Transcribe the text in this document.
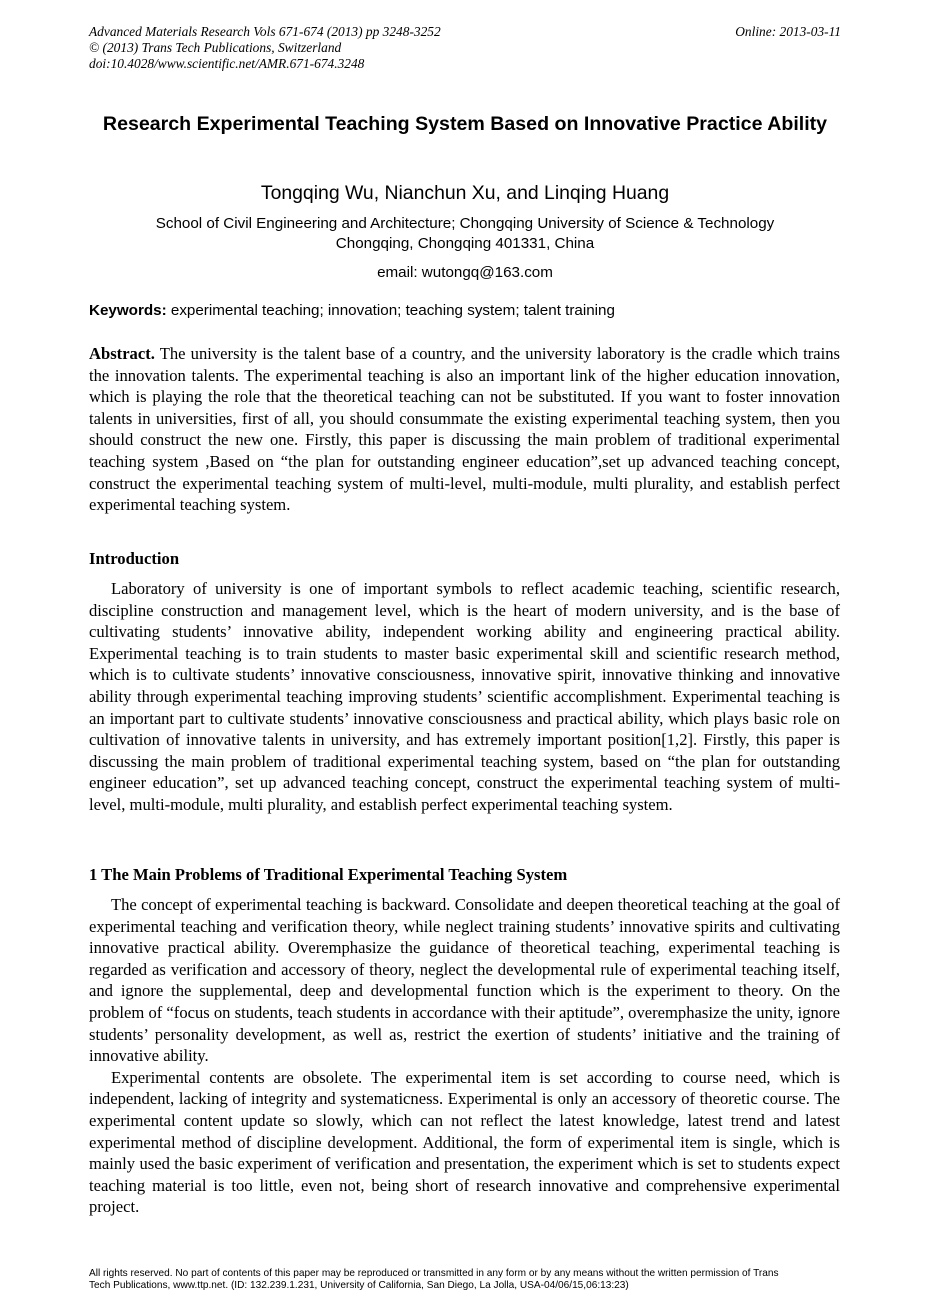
Advanced Materials Research Vols 671-674 (2013) pp 3248-3252	Online: 2013-03-11
© (2013) Trans Tech Publications, Switzerland
doi:10.4028/www.scientific.net/AMR.671-674.3248
Research Experimental Teaching System Based on Innovative Practice Ability
Tongqing Wu, Nianchun Xu, and Linqing Huang
School of Civil Engineering and Architecture; Chongqing University of Science & Technology
Chongqing, Chongqing 401331, China
email: wutongq@163.com
Keywords: experimental teaching; innovation; teaching system; talent training

Abstract. The university is the talent base of a country, and the university laboratory is the cradle which trains the innovation talents. The experimental teaching is also an important link of the higher education innovation, which is playing the role that the theoretical teaching can not be substituted. If you want to foster innovation talents in universities, first of all, you should consummate the existing experimental teaching system, then you should construct the new one. Firstly, this paper is discussing the main problem of traditional experimental teaching system ,Based on “the plan for outstanding engineer education”,set up advanced teaching concept, construct the experimental teaching system of multi-level, multi-module, multi plurality, and establish perfect experimental teaching system.

Introduction

Laboratory of university is one of important symbols to reflect academic teaching, scientific research, discipline construction and management level, which is the heart of modern university, and is the base of cultivating students’ innovative ability, independent working ability and engineering practical ability. Experimental teaching is to train students to master basic experimental skill and scientific research method, which is to cultivate students’ innovative consciousness, innovative spirit, innovative thinking and innovative ability through experimental teaching improving students’ scientific accomplishment. Experimental teaching is an important part to cultivate students’ innovative consciousness and practical ability, which plays basic role on cultivation of innovative talents in university, and has extremely important position[1,2]. Firstly, this paper is discussing the main problem of traditional experimental teaching system, based on “the plan for outstanding engineer education”, set up advanced teaching concept, construct the experimental teaching system of multi-level, multi-module, multi plurality, and establish perfect experimental teaching system.

1 The Main Problems of Traditional Experimental Teaching System

The concept of experimental teaching is backward. Consolidate and deepen theoretical teaching at the goal of experimental teaching and verification theory, while neglect training students’ innovative spirits and cultivating innovative practical ability. Overemphasize the guidance of theoretical teaching, experimental teaching is regarded as verification and accessory of theory, neglect the developmental rule of experimental teaching itself, and ignore the supplemental, deep and developmental function which is the experiment to theory. On the problem of “focus on students, teach students in accordance with their aptitude”, overemphasize the unity, ignore students’ personality development, as well as, restrict the exertion of students’ initiative and the training of innovative ability.

Experimental contents are obsolete. The experimental item is set according to course need, which is independent, lacking of integrity and systematicness. Experimental is only an accessory of theoretic course. The experimental content update so slowly, which can not reflect the latest knowledge, latest trend and latest experimental method of discipline development. Additional, the form of experimental item is single, which is mainly used the basic experiment of verification and presentation, the experiment which is set to students expect teaching material is too little, even not, being short of research innovative and comprehensive experimental project.

All rights reserved. No part of contents of this paper may be reproduced or transmitted in any form or by any means without the written permission of Trans
Tech Publications, www.ttp.net. (ID: 132.239.1.231, University of California, San Diego, La Jolla, USA-04/06/15,06:13:23)
